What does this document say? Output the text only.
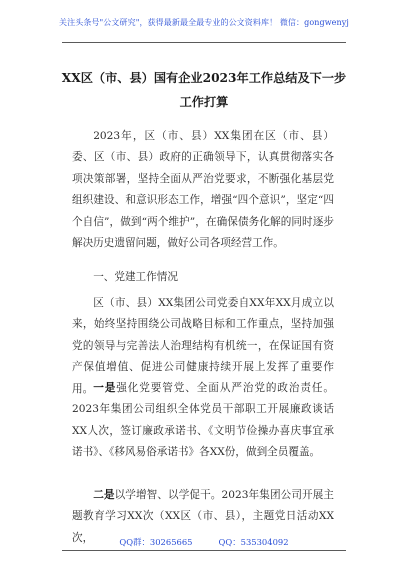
关注头条号"公文研究"，获得最新最全最专业的公文资料库！ 微信：gongwenyj
XX区（市、县）国有企业2023年工作总结及下一步工作打算

2023年，区（市、县）XX集团在区（市、县）委、区（市、县）政府的正确领导下，认真贯彻落实各项决策部署，坚持全面从严治党要求，不断强化基层党组织建设、和意识形态工作，增强“四个意识”，坚定“四个自信”，做到“两个维护”，在确保债务化解的同时逐步解决历史遗留问题，做好公司各项经营工作。

一、党建工作情况

区（市、县）XX集团公司党委自XX年XX月成立以来，始终坚持围绕公司战略目标和工作重点，坚持加强党的领导与完善法人治理结构有机统一，在保证国有资产保值增值、促进公司健康持续开展上发挥了重要作用。 一是强化党要管党、全面从严治党的政治责任。2023年集团公司组织全体党员干部职工开展廉政谈话XX人次，签订廉政承诺书、《文明节俭操办喜庆事宜承诺书》、《移风易俗承诺书》各XX份，做到全员覆盖。

二是以学增智、以学促干。2023年集团公司开展主题教育学习XX次（XX区（市、县），主题党日活动XX次，	QQ群：30265665	QQ：535304092
